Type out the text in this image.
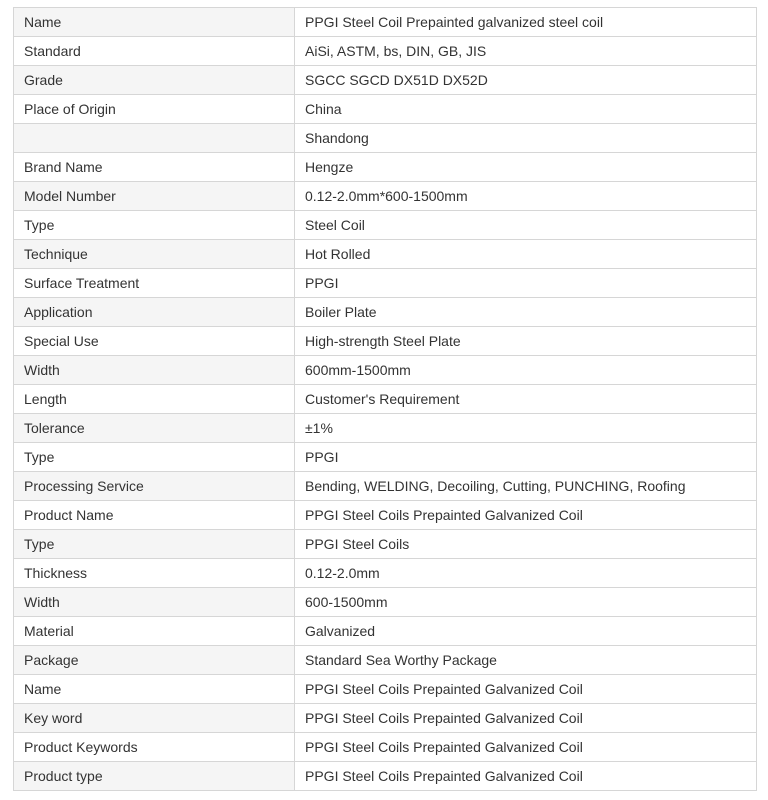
Name	PPGI Steel Coil Prepainted galvanized steel coil
Standard	AiSi, ASTM, bs, DIN, GB, JIS
Grade	SGCC SGCD DX51D DX52D
Place of Origin	China
	Shandong
Brand Name	Hengze
Model Number	0.12-2.0mm*600-1500mm
Type	Steel Coil
Technique	Hot Rolled
Surface Treatment	PPGI
Application	Boiler Plate
Special Use	High-strength Steel Plate
Width	600mm-1500mm
Length	Customer's Requirement
Tolerance	±1%
Type	PPGI
Processing Service	Bending, WELDING, Decoiling, Cutting, PUNCHING, Roofing
Product Name	PPGI Steel Coils Prepainted Galvanized Coil
Type	PPGI Steel Coils
Thickness	0.12-2.0mm
Width	600-1500mm
Material	Galvanized
Package	Standard Sea Worthy Package
Name	PPGI Steel Coils Prepainted Galvanized Coil
Key word	PPGI Steel Coils Prepainted Galvanized Coil
Product Keywords	PPGI Steel Coils Prepainted Galvanized Coil
Product type	PPGI Steel Coils Prepainted Galvanized Coil
